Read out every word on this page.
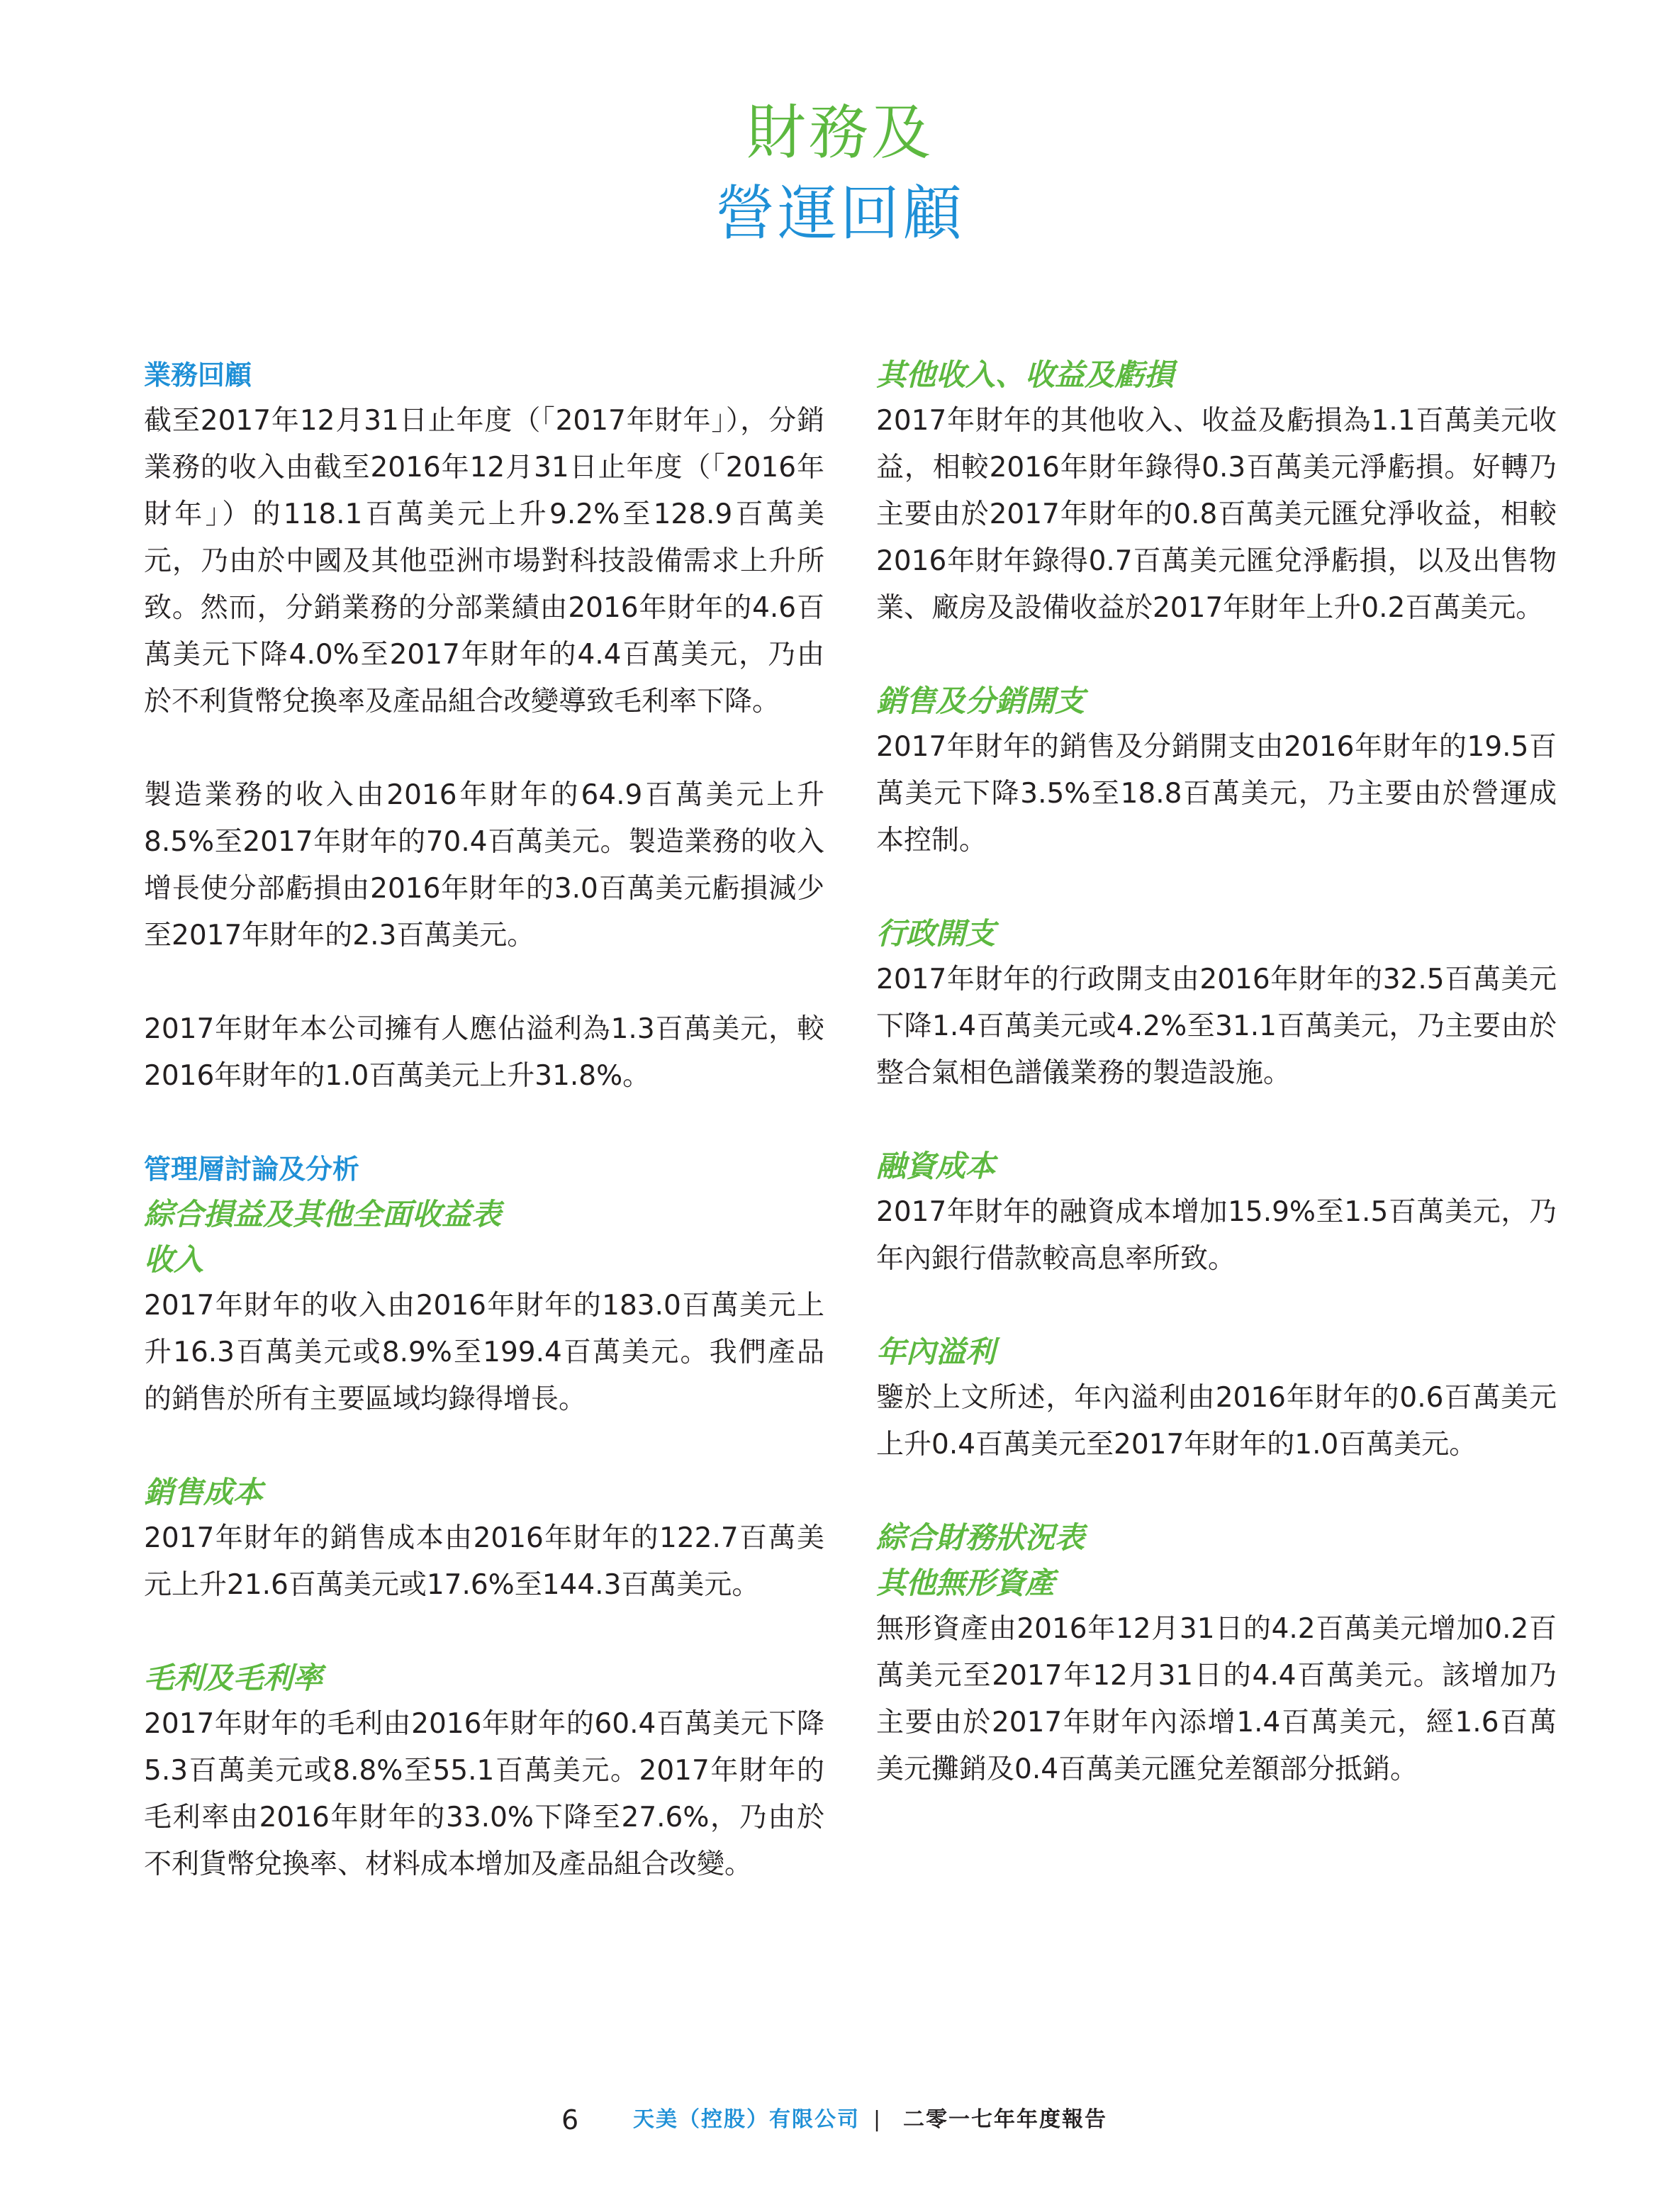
財務及
營運回顧
業務回顧

截至2017年12月31日止年度（「2017年財年」），分銷業務的收入由截至2016年12月31日止年度（「2016年財年」）的118.1百萬美元上升9.2%至128.9百萬美元，乃由於中國及其他亞洲市場對科技設備需求上升所致。然而，分銷業務的分部業績由2016年財年的4.6百萬美元下降4.0%至2017年財年的4.4百萬美元，乃由於不利貨幣兌換率及產品組合改變導致毛利率下降。

製造業務的收入由2016年財年的64.9百萬美元上升8.5%至2017年財年的70.4百萬美元。製造業務的收入增長使分部虧損由2016年財年的3.0百萬美元虧損減少至2017年財年的2.3百萬美元。

2017年財年本公司擁有人應佔溢利為1.3百萬美元，較2016年財年的1.0百萬美元上升31.8%。

管理層討論及分析
綜合損益及其他全面收益表
收入

2017年財年的收入由2016年財年的183.0百萬美元上升16.3百萬美元或8.9%至199.4百萬美元。我們產品的銷售於所有主要區域均錄得增長。

銷售成本

2017年財年的銷售成本由2016年財年的122.7百萬美元上升21.6百萬美元或17.6%至144.3百萬美元。

毛利及毛利率

2017年財年的毛利由2016年財年的60.4百萬美元下降5.3百萬美元或8.8%至55.1百萬美元。2017年財年的毛利率由2016年財年的33.0%下降至27.6%，乃由於不利貨幣兌換率、材料成本增加及產品組合改變。

其他收入、收益及虧損

2017年財年的其他收入、收益及虧損為1.1百萬美元收益，相較2016年財年錄得0.3百萬美元淨虧損。好轉乃主要由於2017年財年的0.8百萬美元匯兌淨收益，相較2016年財年錄得0.7百萬美元匯兌淨虧損，以及出售物業、廠房及設備收益於2017年財年上升0.2百萬美元。

銷售及分銷開支

2017年財年的銷售及分銷開支由2016年財年的19.5百萬美元下降3.5%至18.8百萬美元，乃主要由於營運成本控制。

行政開支

2017年財年的行政開支由2016年財年的32.5百萬美元下降1.4百萬美元或4.2%至31.1百萬美元，乃主要由於整合氣相色譜儀業務的製造設施。

融資成本

2017年財年的融資成本增加15.9%至1.5百萬美元，乃年內銀行借款較高息率所致。

年內溢利

鑒於上文所述，年內溢利由2016年財年的0.6百萬美元上升0.4百萬美元至2017年財年的1.0百萬美元。

綜合財務狀況表
其他無形資產

無形資產由2016年12月31日的4.2百萬美元增加0.2百萬美元至2017年12月31日的4.4百萬美元。該增加乃主要由於2017年財年內添增1.4百萬美元，經1.6百萬美元攤銷及0.4百萬美元匯兌差額部分抵銷。

6	天美（控股）有限公司 | 二零一七年年度報告
